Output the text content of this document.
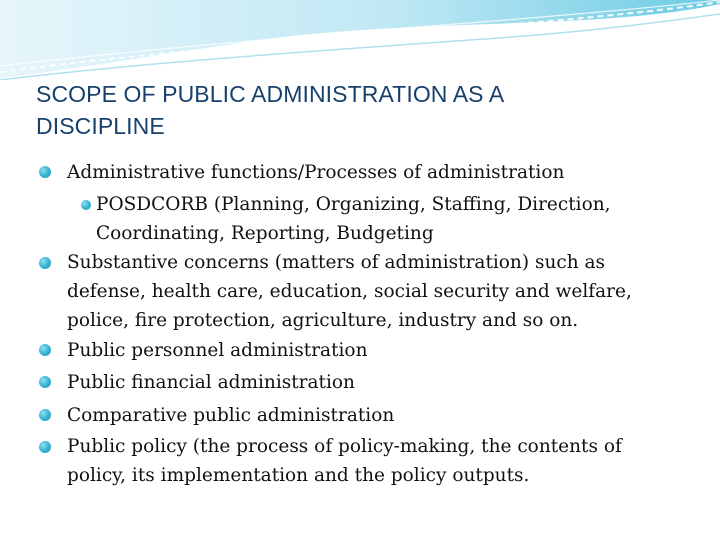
SCOPE OF PUBLIC ADMINISTRATION AS A
DISCIPLINE
Administrative functions/Processes of administration
POSDCORB (Planning, Organizing, Staffing, Direction,
Coordinating, Reporting, Budgeting
Substantive concerns (matters of administration) such as
defense, health care, education, social security and welfare,
police, fire protection, agriculture, industry and so on.
Public personnel administration
Public financial administration
Comparative public administration
Public policy (the process of policy-making, the contents of
policy, its implementation and the policy outputs.
